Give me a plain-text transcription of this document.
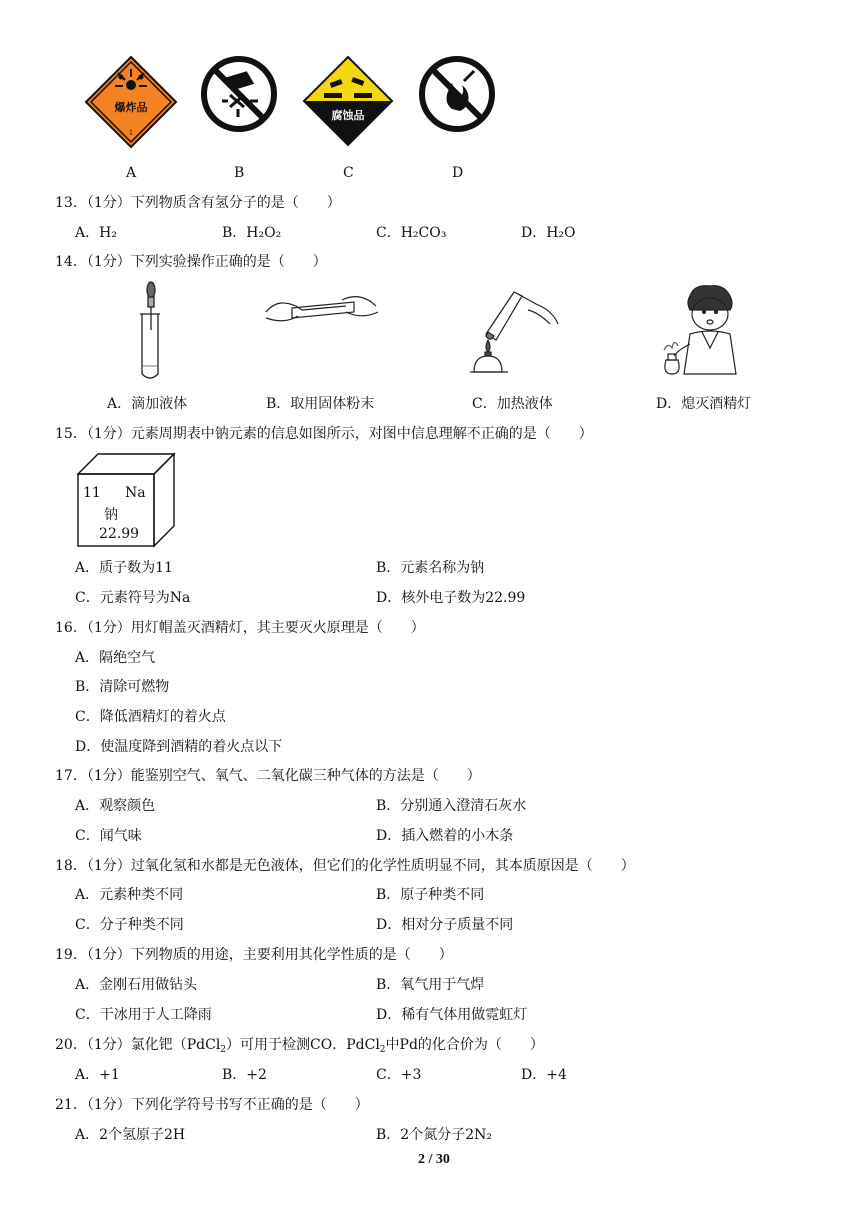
爆炸品
1
腐蚀品
A	B	C	D
13．（1分）下列物质含有氢分子的是（　　）
A．H₂	B．H₂O₂	C．H₂CO₃	D．H₂O
14．（1分）下列实验操作正确的是（　　）
A．滴加液体	B．取用固体粉末	C．加热液体	D．熄灭酒精灯
15．（1分）元素周期表中钠元素的信息如图所示，对图中信息理解不正确的是（　　）
11 Na
钠
22.99
A．质子数为11	B．元素名称为钠
C．元素符号为Na	D．核外电子数为22.99
16．（1分）用灯帽盖灭酒精灯，其主要灭火原理是（　　）
A．隔绝空气
B．清除可燃物
C．降低酒精灯的着火点
D．使温度降到酒精的着火点以下
17．（1分）能鉴别空气、氧气、二氧化碳三种气体的方法是（　　）
A．观察颜色	B．分别通入澄清石灰水
C．闻气味	D．插入燃着的小木条
18．（1分）过氧化氢和水都是无色液体，但它们的化学性质明显不同，其本质原因是（　　）
A．元素种类不同	B．原子种类不同
C．分子种类不同	D．相对分子质量不同
19．（1分）下列物质的用途，主要利用其化学性质的是（　　）
A．金刚石用做钻头	B．氧气用于气焊
C．干冰用于人工降雨	D．稀有气体用做霓虹灯
20．（1分）氯化钯（PdCl$_2$）可用于检测CO．PdCl$_2$中Pd的化合价为（　　）
A．+1	B．+2	C．+3	D．+4
21．（1分）下列化学符号书写不正确的是（　　）
A．2个氢原子2H	B．2个氮分子2N₂
2 / 30
